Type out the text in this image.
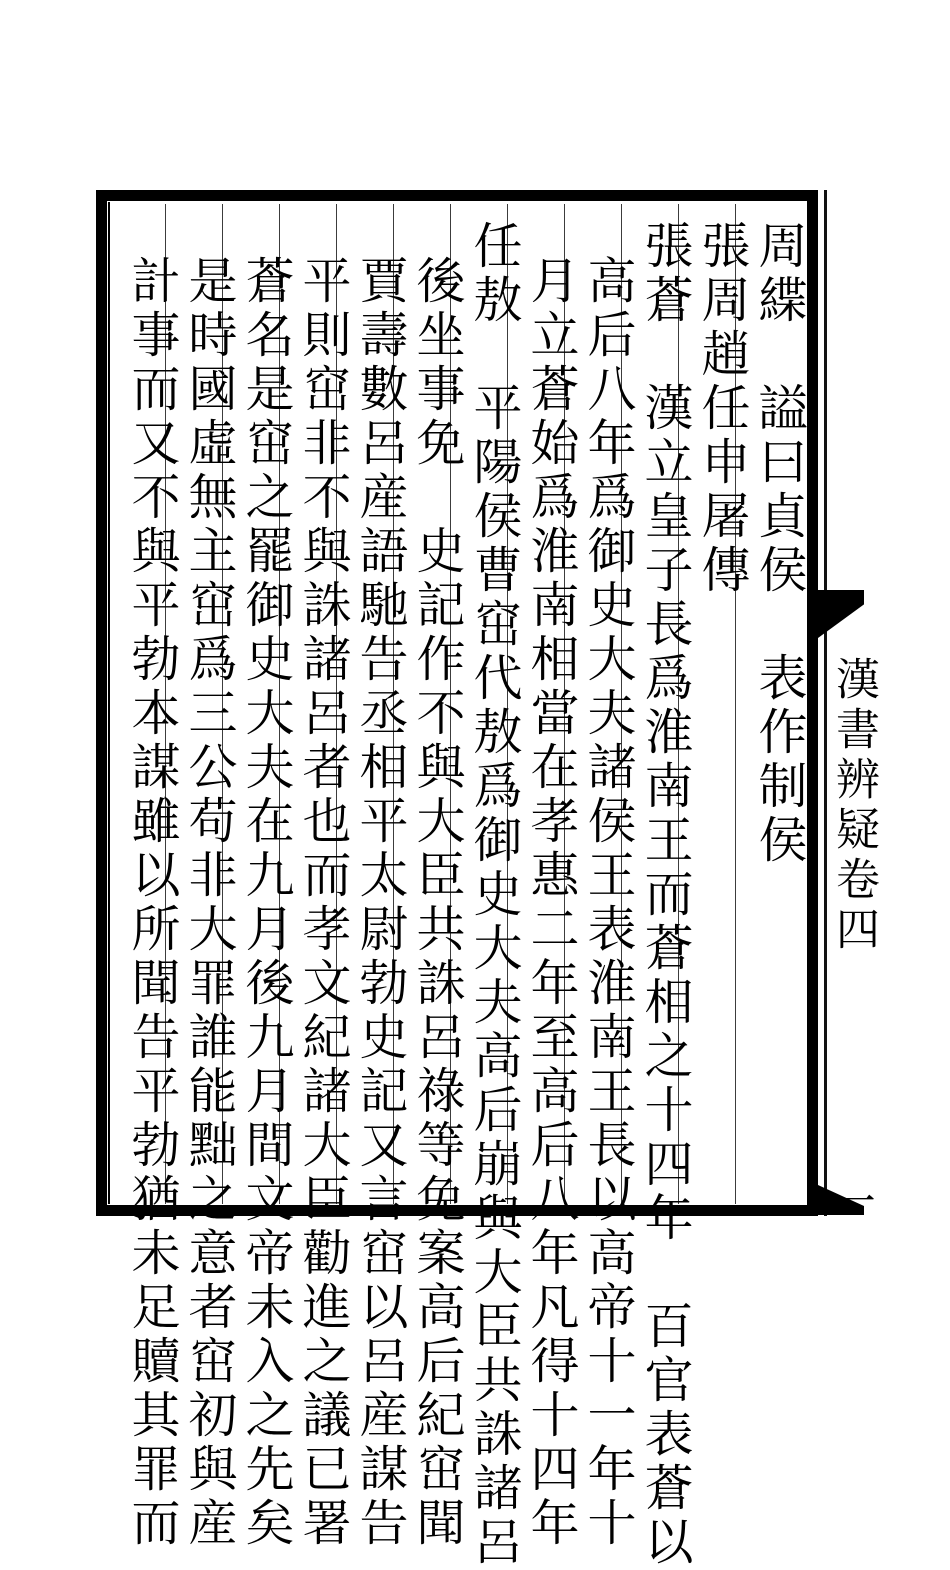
周緤　謚曰貞侯　表作制侯
張周趙任申屠傳
張蒼　漢立皇子長爲淮南王而蒼相之十四年　百官表蒼以
高后八年爲御史大夫諸侯王表淮南王長以高帝十一年十
月立蒼始爲淮南相當在孝惠二年至高后八年凡得十四年
任敖　平陽侯曹窋代敖爲御史大夫高后崩與大臣共誅諸呂
後坐事免　史記作不與大臣共誅呂祿等免案高后紀窋聞
賈壽數呂産語馳告丞相平太尉勃史記又言窋以呂産謀告
平則窋非不與誅諸呂者也而孝文紀諸大臣勸進之議已署
蒼名是窋之罷御史大夫在九月後九月間文帝未入之先矣
是時國虛無主窋爲三公苟非大罪誰能黜之意者窋初與産
計事而又不與平勃本謀雖以所聞告平勃猶未足贖其罪而	漢書辨疑卷四
一
